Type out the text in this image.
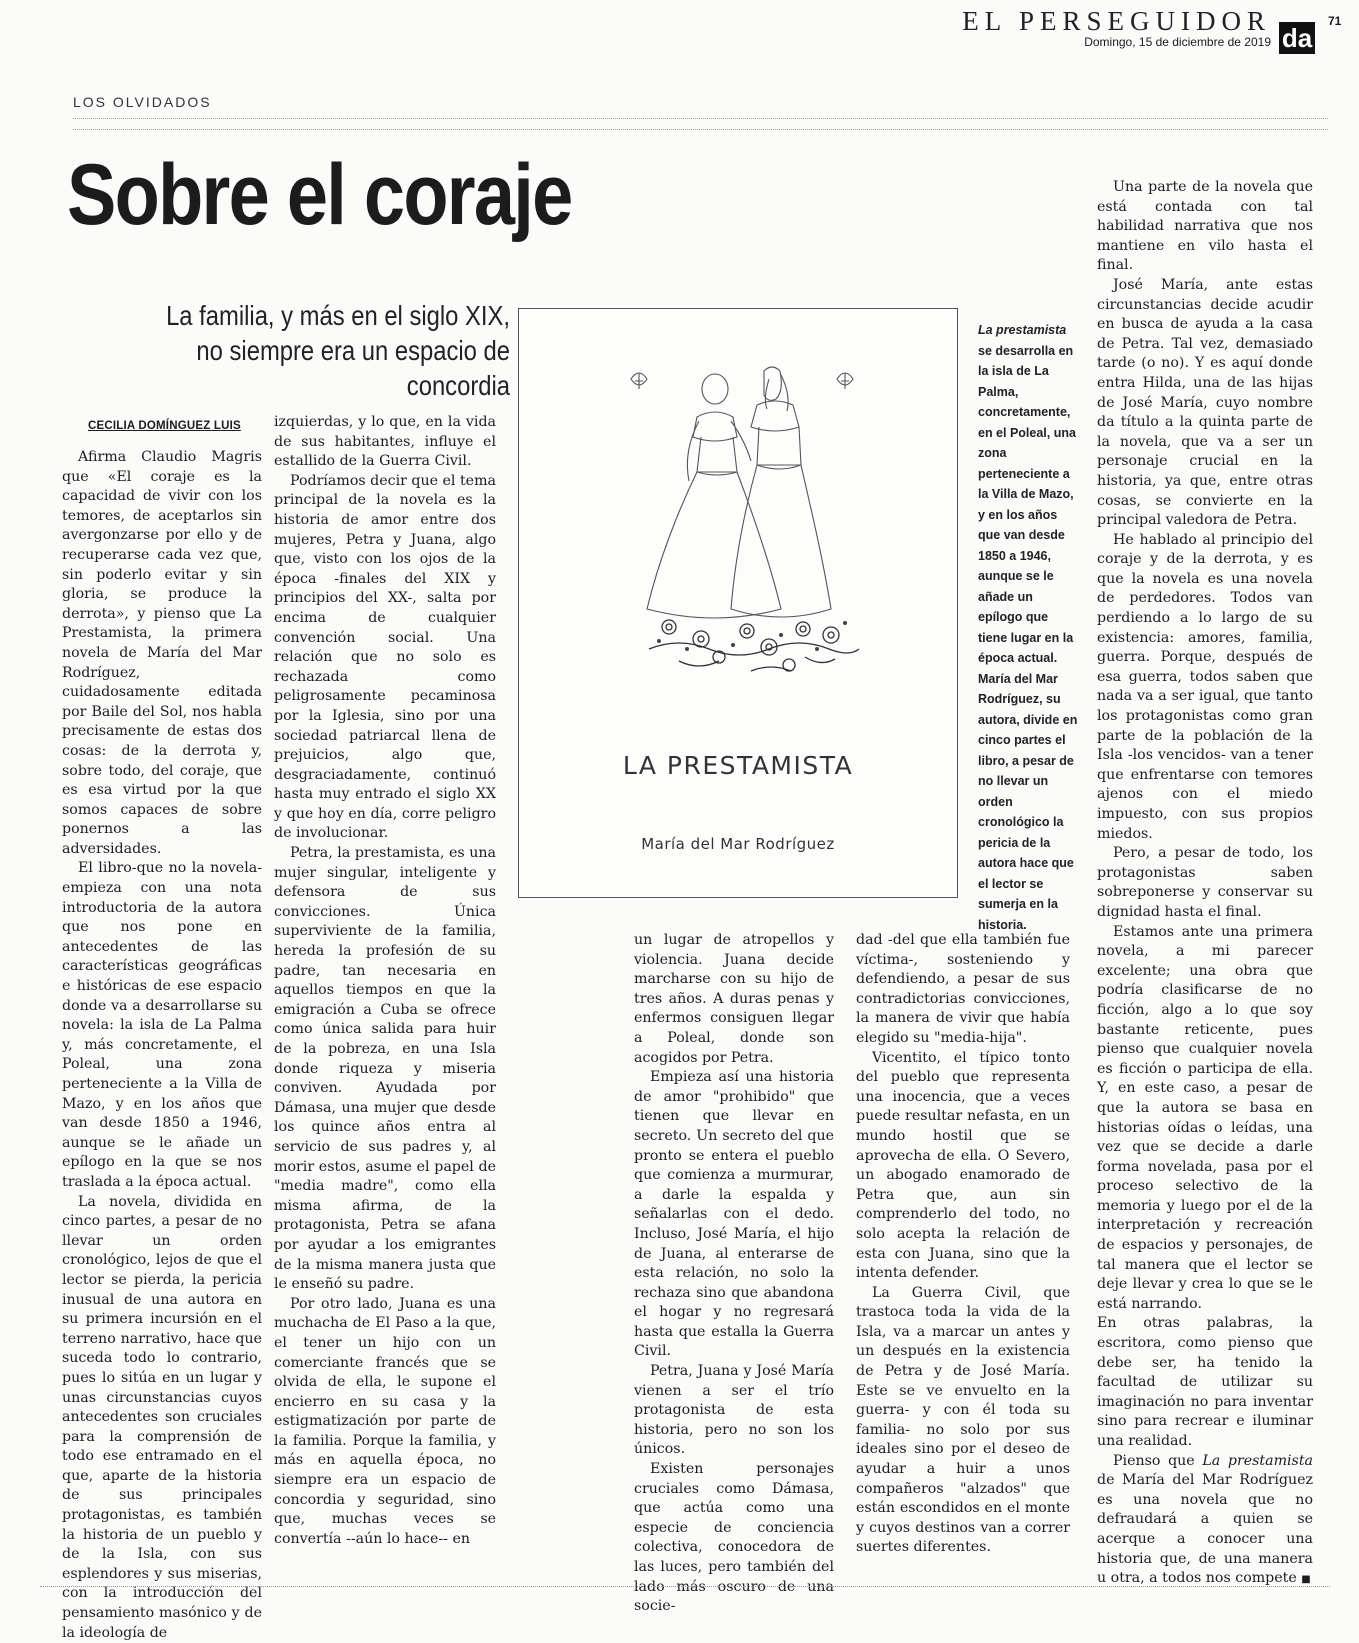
EL PERSEGUIDOR
Domingo, 15 de diciembre de 2019 da
71
LOS OLVIDADOS
Sobre el coraje
La familia, y más en el siglo XIX, no siempre era un espacio de concordia
CECILIA DOMÍNGUEZ LUIS

Afirma Claudio Magris que «El coraje es la capacidad de vivir con los temores, de aceptarlos sin avergonzarse por ello y de recuperarse cada vez que, sin poderlo evitar y sin gloria, se produce la derrota», y pienso que La Prestamista, la primera novela de María del Mar Rodríguez, cuidadosamente editada por Baile del Sol, nos habla precisamente de estas dos cosas: de la derrota y, sobre todo, del coraje, que es esa virtud por la que somos capaces de sobre ponernos a las adversidades.

El libro-que no la novela- empieza con una nota introductoria de la autora que nos pone en antecedentes de las características geográficas e históricas de ese espacio donde va a desarrollarse su novela: la isla de La Palma y, más concretamente, el Poleal, una zona perteneciente a la Villa de Mazo, y en los años que van desde 1850 a 1946, aunque se le añade un epílogo en la que se nos traslada a la época actual.

La novela, dividida en cinco partes, a pesar de no llevar un orden cronológico, lejos de que el lector se pierda, la pericia inusual de una autora en su primera incursión en el terreno narrativo, hace que suceda todo lo contrario, pues lo sitúa en un lugar y unas circunstancias cuyos antecedentes son cruciales para la comprensión de todo ese entramado en el que, aparte de la historia de sus principales protagonistas, es también la historia de un pueblo y de la Isla, con sus esplendores y sus miserias, con la introducción del pensamiento masónico y de la ideología de

izquierdas, y lo que, en la vida de sus habitantes, influye el estallido de la Guerra Civil.

Podríamos decir que el tema principal de la novela es la historia de amor entre dos mujeres, Petra y Juana, algo que, visto con los ojos de la época -finales del XIX y principios del XX-, salta por encima de cualquier convención social. Una relación que no solo es rechazada como peligrosamente pecaminosa por la Iglesia, sino por una sociedad patriarcal llena de prejuicios, algo que, desgraciadamente, continuó hasta muy entrado el siglo XX y que hoy en día, corre peligro de involucionar.

Petra, la prestamista, es una mujer singular, inteligente y defensora de sus convicciones. Única superviviente de la familia, hereda la profesión de su padre, tan necesaria en aquellos tiempos en que la emigración a Cuba se ofrece como única salida para huir de la pobreza, en una Isla donde riqueza y miseria conviven. Ayudada por Dámasa, una mujer que desde los quince años entra al servicio de sus padres y, al morir estos, asume el papel de "media madre", como ella misma afirma, de la protagonista, Petra se afana por ayudar a los emigrantes de la misma manera justa que le enseñó su padre.

Por otro lado, Juana es una muchacha de El Paso a la que, el tener un hijo con un comerciante francés que se olvida de ella, le supone el encierro en su casa y la estigmatización por parte de la familia. Porque la familia, y más en aquella época, no siempre era un espacio de concordia y seguridad, sino que, muchas veces se convertía --aún lo hace-- en

LA PRESTAMISTA
María del Mar Rodríguez
La prestamista se desarrolla en la isla de La Palma, concretamente, en el Poleal, una zona perteneciente a la Villa de Mazo, y en los años que van desde 1850 a 1946, aunque se le añade un epílogo que tiene lugar en la época actual. María del Mar Rodríguez, su autora, divide en cinco partes el libro, a pesar de no llevar un orden cronológico la pericia de la autora hace que el lector se sumerja en la historia.

un lugar de atropellos y violencia. Juana decide marcharse con su hijo de tres años. A duras penas y enfermos consiguen llegar a Poleal, donde son acogidos por Petra.

Empieza así una historia de amor "prohibido" que tienen que llevar en secreto. Un secreto del que pronto se entera el pueblo que comienza a murmurar, a darle la espalda y señalarlas con el dedo. Incluso, José María, el hijo de Juana, al enterarse de esta relación, no solo la rechaza sino que abandona el hogar y no regresará hasta que estalla la Guerra Civil.

Petra, Juana y José María vienen a ser el trío protagonista de esta historia, pero no son los únicos.

Existen personajes cruciales como Dámasa, que actúa como una especie de conciencia colectiva, conocedora de las luces, pero también del lado más oscuro de una socie-

dad -del que ella también fue víctima-, sosteniendo y defendiendo, a pesar de sus contradictorias convicciones, la manera de vivir que había elegido su "media-hija".

Vicentito, el típico tonto del pueblo que representa una inocencia, que a veces puede resultar nefasta, en un mundo hostil que se aprovecha de ella. O Severo, un abogado enamorado de Petra que, aun sin comprenderlo del todo, no solo acepta la relación de esta con Juana, sino que la intenta defender.

La Guerra Civil, que trastoca toda la vida de la Isla, va a marcar un antes y un después en la existencia de Petra y de José María. Este se ve envuelto en la guerra- y con él toda su familia- no solo por sus ideales sino por el deseo de ayudar a huir a unos compañeros "alzados" que están escondidos en el monte y cuyos destinos van a correr suertes diferentes.

Una parte de la novela que está contada con tal habilidad narrativa que nos mantiene en vilo hasta el final.

José María, ante estas circunstancias decide acudir en busca de ayuda a la casa de Petra. Tal vez, demasiado tarde (o no). Y es aquí donde entra Hilda, una de las hijas de José María, cuyo nombre da título a la quinta parte de la novela, que va a ser un personaje crucial en la historia, ya que, entre otras cosas, se convierte en la principal valedora de Petra.

He hablado al principio del coraje y de la derrota, y es que la novela es una novela de perdedores. Todos van perdiendo a lo largo de su existencia: amores, familia, guerra. Porque, después de esa guerra, todos saben que nada va a ser igual, que tanto los protagonistas como gran parte de la población de la Isla -los vencidos- van a tener que enfrentarse con temores ajenos con el miedo impuesto, con sus propios miedos.

Pero, a pesar de todo, los protagonistas saben sobreponerse y conservar su dignidad hasta el final.

Estamos ante una primera novela, a mi parecer excelente; una obra que podría clasificarse de no ficción, algo a lo que soy bastante reticente, pues pienso que cualquier novela es ficción o participa de ella. Y, en este caso, a pesar de que la autora se basa en historias oídas o leídas, una vez que se decide a darle forma novelada, pasa por el proceso selectivo de la memoria y luego por el de la interpretación y recreación de espacios y personajes, de tal manera que el lector se deje llevar y crea lo que se le está narrando.

En otras palabras, la escritora, como pienso que debe ser, ha tenido la facultad de utilizar su imaginación no para inventar sino para recrear e iluminar una realidad.

Pienso que La prestamista de María del Mar Rodríguez es una novela que no defraudará a quien se acerque a conocer una historia que, de una manera u otra, a todos nos compete ■
